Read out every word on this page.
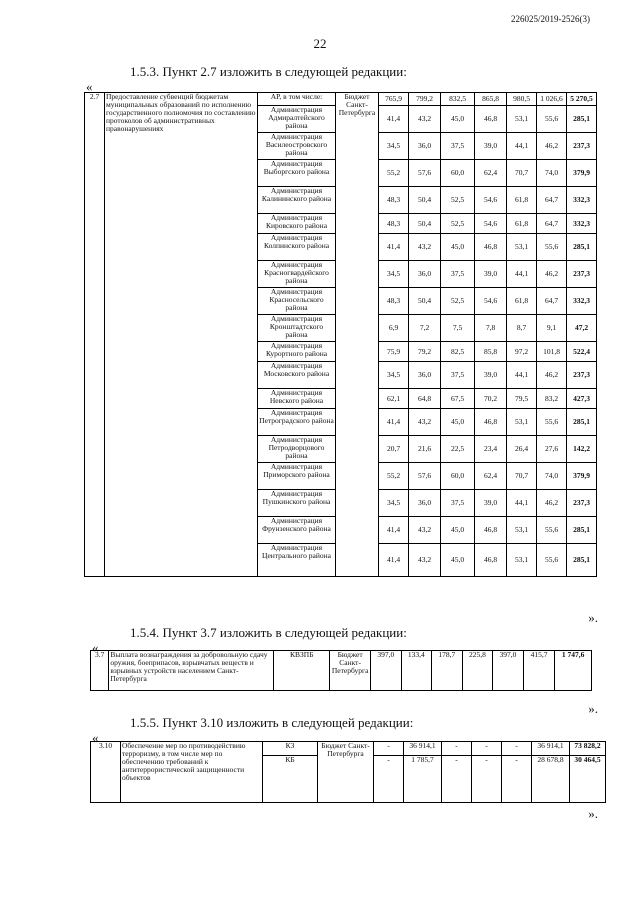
226025/2019-2526(3)
22
1.5.3. Пункт 2.7 изложить в следующей редакции:
«
2.7	Предоставление субвенций бюджетам муниципальных образований по исполнению государственного полномочия по составлению протоколов об административных правонарушениях	АР, в том числе:	Бюджет Санкт-Петербурга	765,9	799,2	832,5	865,8	980,5	1 026,6	5 270,5
		Администрация Адмиралтейского района		41,4	43,2	45,0	46,8	53,1	55,6	285,1
		Администрация Василеостровского района		34,5	36,0	37,5	39,0	44,1	46,2	237,3
		Администрация Выборгского района		55,2	57,6	60,0	62,4	70,7	74,0	379,9
		Администрация Калининского района		48,3	50,4	52,5	54,6	61,8	64,7	332,3
		Администрация Кировского района		48,3	50,4	52,5	54,6	61,8	64,7	332,3
		Администрация Колпинского района		41,4	43,2	45,0	46,8	53,1	55,6	285,1
		Администрация Красногвардейского района		34,5	36,0	37,5	39,0	44,1	46,2	237,3
		Администрация Красносельского района		48,3	50,4	52,5	54,6	61,8	64,7	332,3
		Администрация Кронштадтского района		6,9	7,2	7,5	7,8	8,7	9,1	47,2
		Администрация Курортного района		75,9	79,2	82,5	85,8	97,2	101,8	522,4
		Администрация Московского района		34,5	36,0	37,5	39,0	44,1	46,2	237,3
		Администрация Невского района		62,1	64,8	67,5	70,2	79,5	83,2	427,3
		Администрация Петроградского района		41,4	43,2	45,0	46,8	53,1	55,6	285,1
		Администрация Петродворцового района		20,7	21,6	22,5	23,4	26,4	27,6	142,2
		Администрация Приморского района		55,2	57,6	60,0	62,4	70,7	74,0	379,9
		Администрация Пушкинского района		34,5	36,0	37,5	39,0	44,1	46,2	237,3
		Администрация Фрунзенского района		41,4	43,2	45,0	46,8	53,1	55,6	285,1
		Администрация Центрального района		41,4	43,2	45,0	46,8	53,1	55,6	285,1
».
1.5.4. Пункт 3.7 изложить в следующей редакции:
«
3.7	Выплата вознаграждения за добровольную сдачу оружия, боеприпасов, взрывчатых веществ и взрывных устройств населением Санкт-Петербурга	КВЗПБ	Бюджет Санкт-Петербурга	397,0	133,4	178,7	225,8	397,0	415,7	1 747,6
».
1.5.5. Пункт 3.10 изложить в следующей редакции:
«
3.10	Обеспечение мер по противодействию терроризму, в том числе мер по обеспечению требований к антитеррористической защищенности объектов	КЗ	Бюджет Санкт-Петербурга	-	36 914,1	-	-	-	36 914,1	73 828,2
		КБ		-	1 785,7	-	-	-	28 678,8	30 464,5
».
